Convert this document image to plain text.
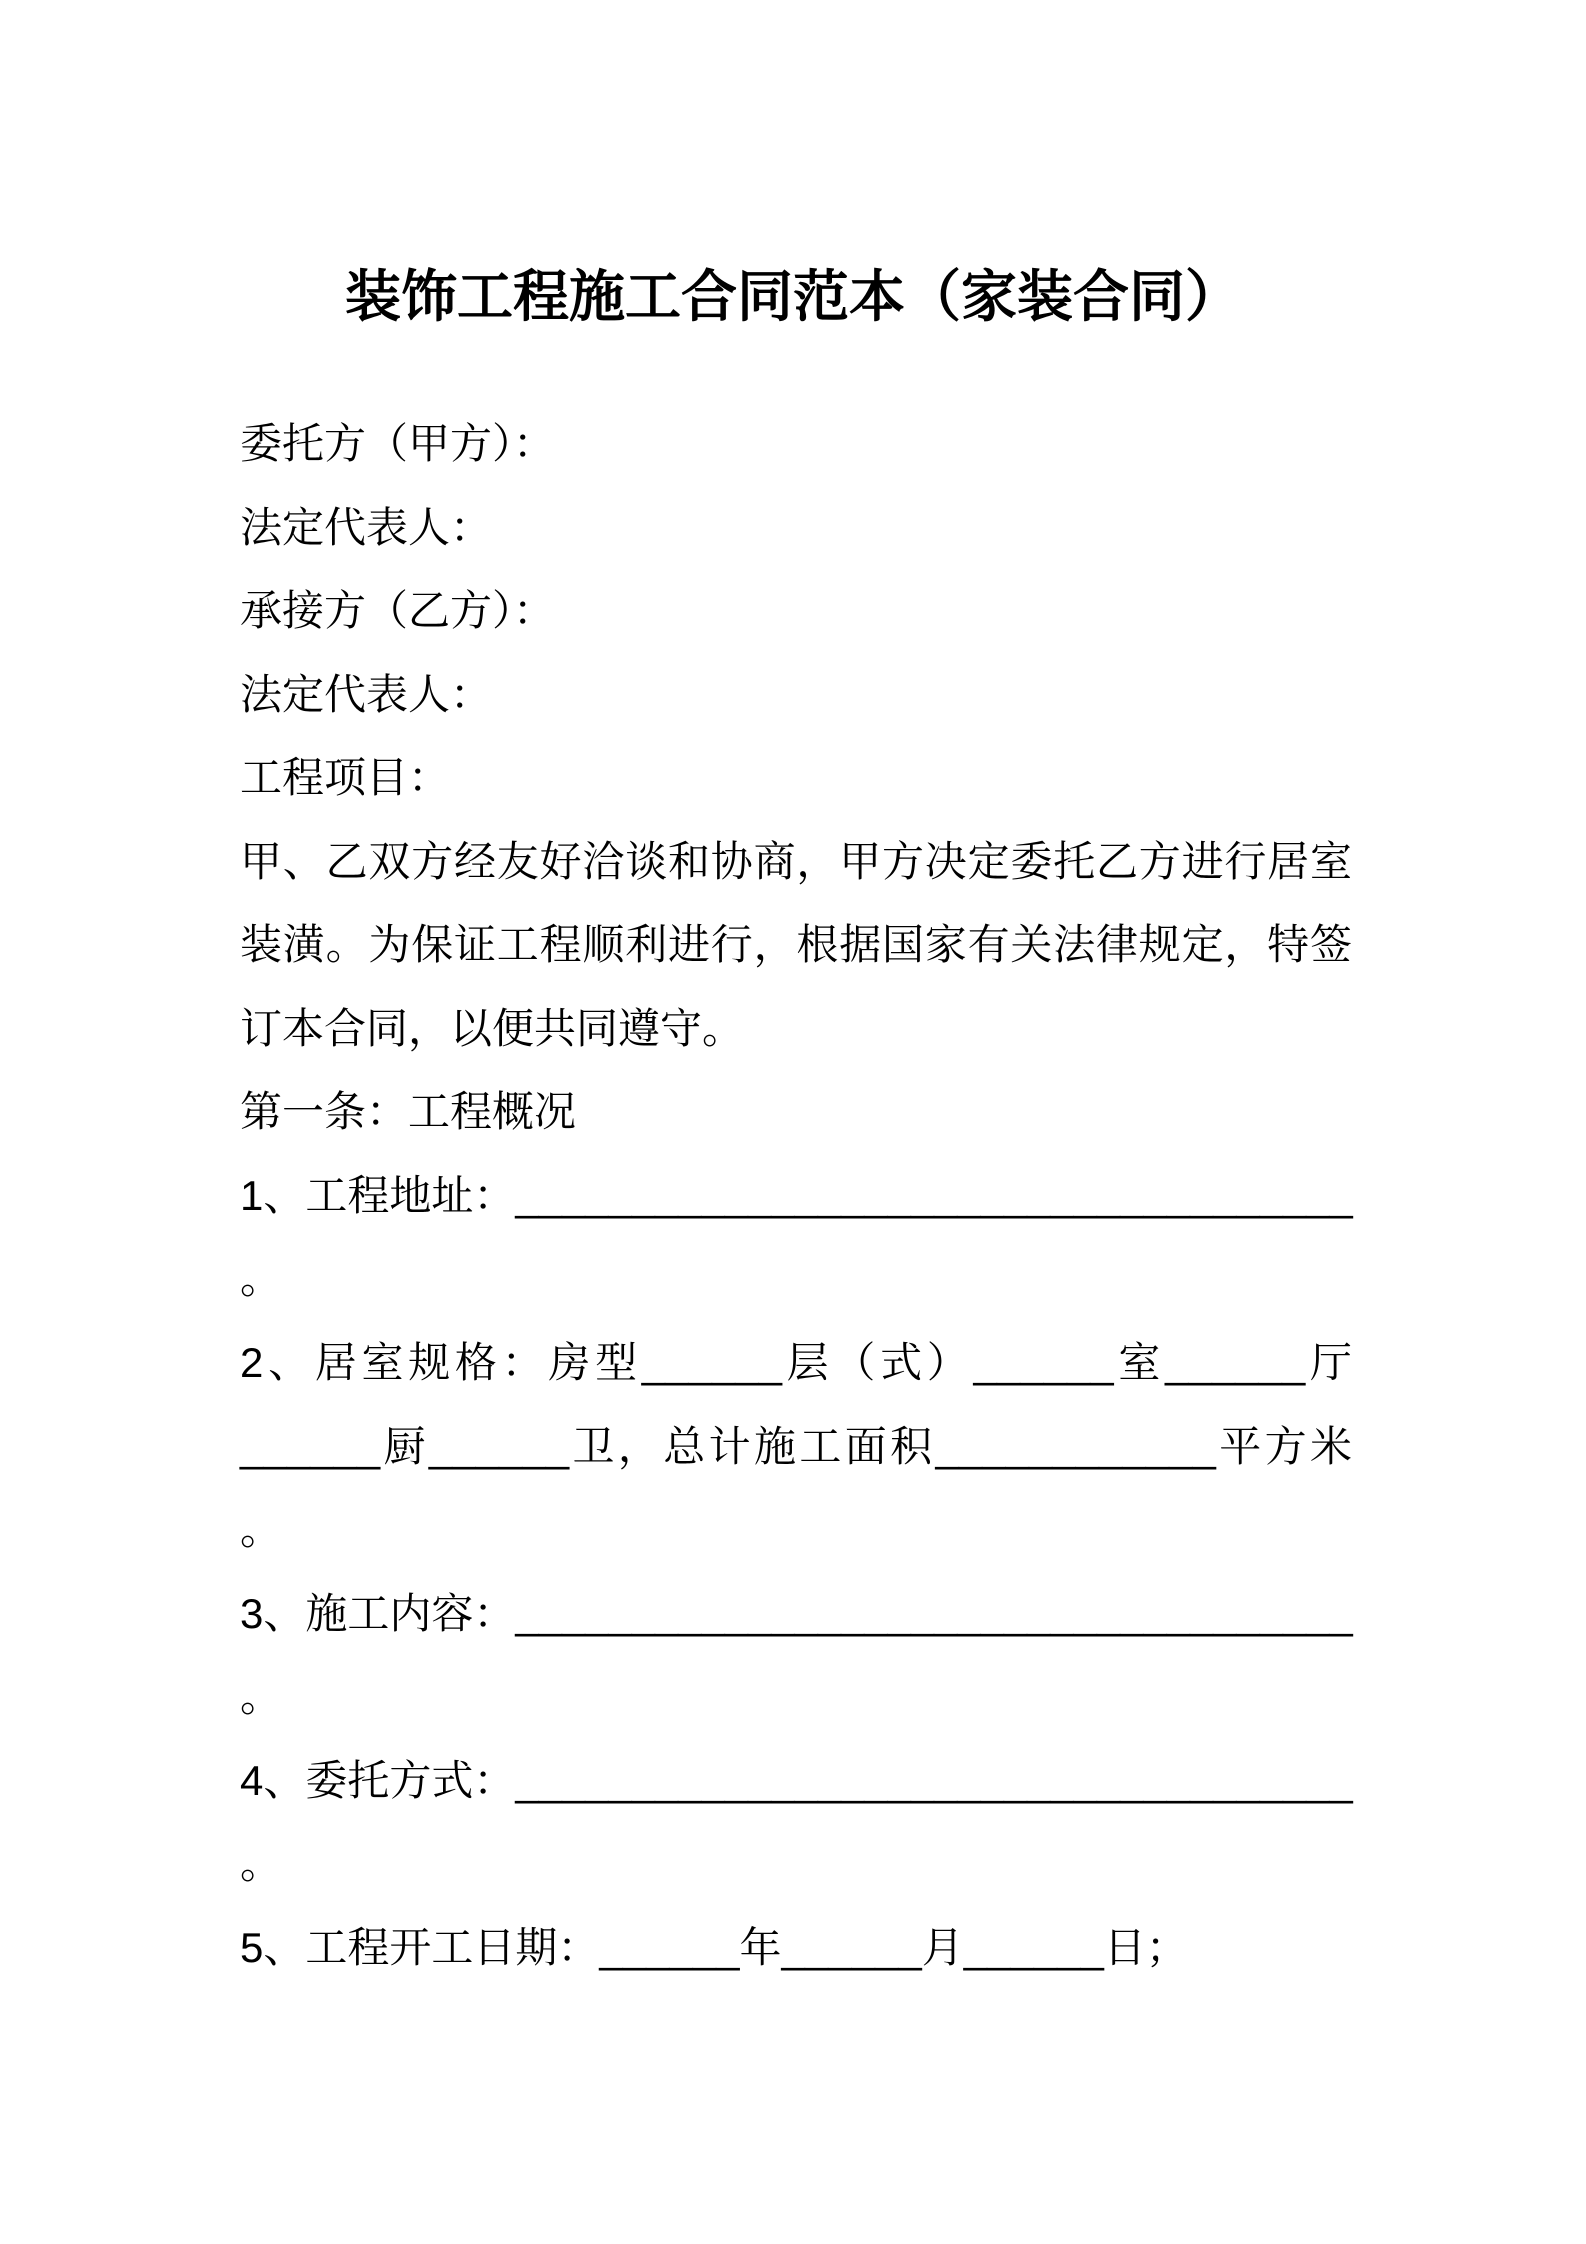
装饰工程施工合同范本（家装合同）
委托方（甲方）：
法定代表人：
承接方（乙方）：
法定代表人：
工程项目：
甲、乙双方经友好洽谈和协商，甲方决定委托乙方进行居室
装潢。为保证工程顺利进行，根据国家有关法律规定，特签
订本合同，以便共同遵守。
第一条：工程概况
1、工程地址：____________________________________
。
2、居室规格：房型______层（式）______室______厅
______厨______卫，总计施工面积____________平方米
。
3、施工内容：____________________________________
。
4、委托方式：____________________________________
。
5、工程开工日期：______年______月______日；
